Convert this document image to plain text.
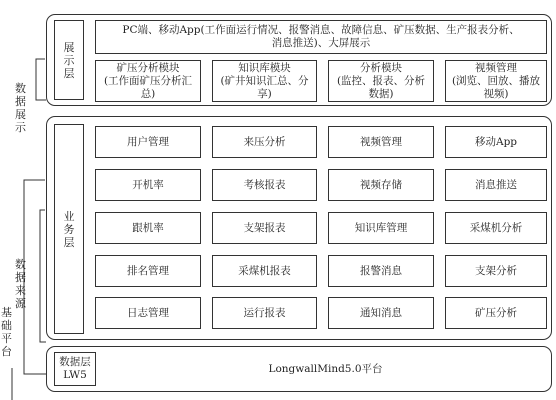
数据展示
数据来源
基础平台
展示层
PC端、移动App(工作面运行情况、报警消息、故障信息、矿压数据、生产报表分析、
消息推送)、大屏展示
矿压分析模块
(工作面矿压分析汇总)
知识库模块
(矿井知识汇总、分享)
分析模块
(监控、报表、分析
数据)
视频管理
(浏览、回放、播放
视频)
业务层
用户管理	来压分析	视频管理	移动App
开机率	考核报表	视频存储	消息推送
跟机率	支架报表	知识库管理	采煤机分析
排名管理	采煤机报表	报警消息	支架分析
日志管理	运行报表	通知消息	矿压分析
数据层
LW5
LongwallMind5.0平台
